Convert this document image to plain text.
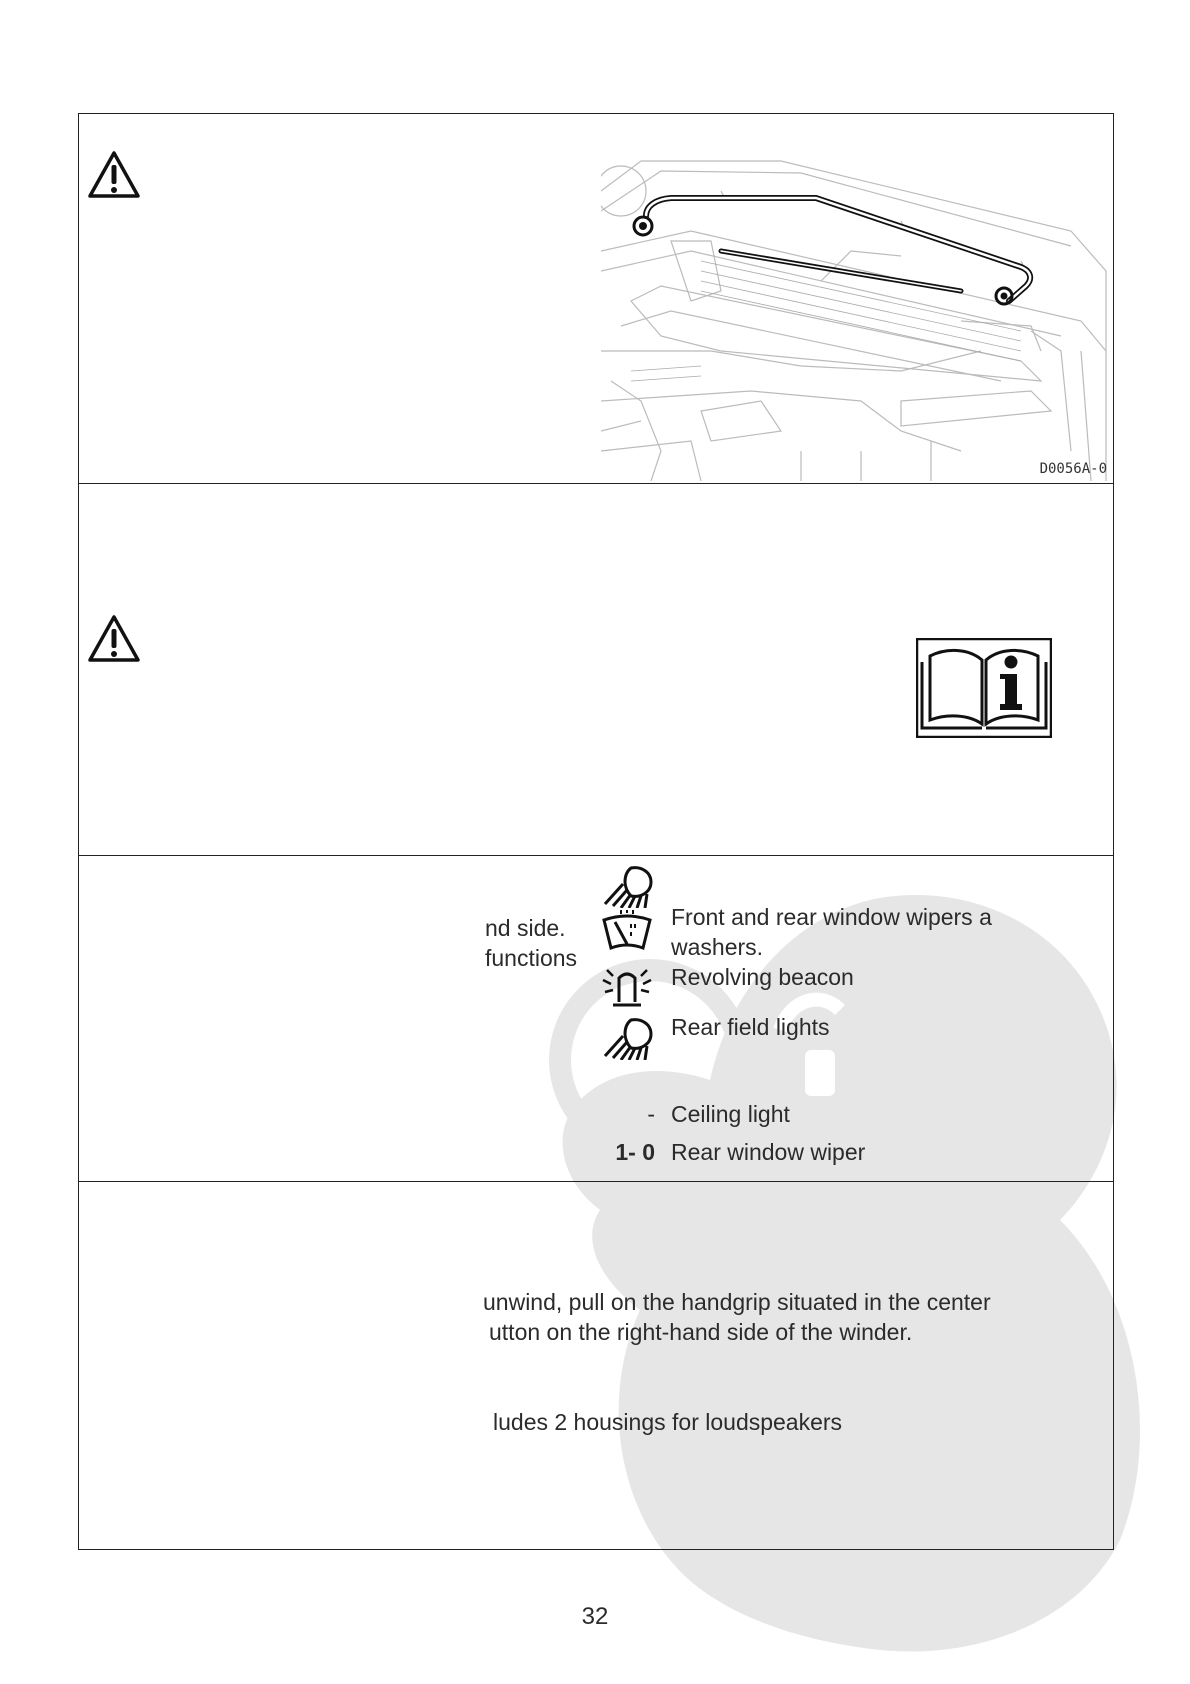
D0056A-0
nd side.
functions
Front and rear window wipers a
washers.
Revolving beacon
Rear field lights
- Ceiling light
1- 0 Rear window wiper
unwind, pull on the handgrip situated in the center
utton on the right-hand side of the winder.
ludes 2 housings for loudspeakers
32
